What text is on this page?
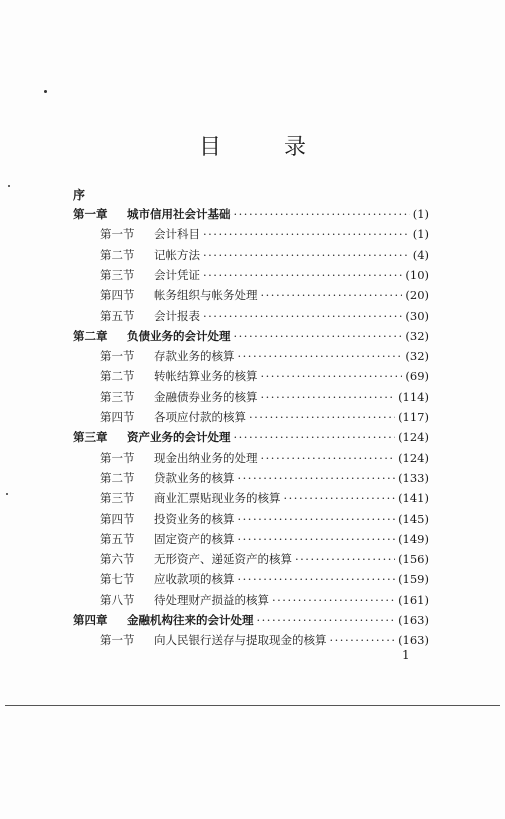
目 录
序
第一章	城市信用社会计基础 ·····	(1)
第一节	会计科目 ·····	(1)
第二节	记帐方法 ·····	(4)
第三节	会计凭证 ·····	(10)
第四节	帐务组织与帐务处理 ·····	(20)
第五节	会计报表 ·····	(30)
第二章	负债业务的会计处理 ·····	(32)
第一节	存款业务的核算 ·····	(32)
第二节	转帐结算业务的核算 ·····	(69)
第三节	金融债券业务的核算 ·····	(114)
第四节	各项应付款的核算 ·····	(117)
第三章	资产业务的会计处理 ·····	(124)
第一节	现金出纳业务的处理 ·····	(124)
第二节	贷款业务的核算 ·····	(133)
第三节	商业汇票贴现业务的核算 ·····	(141)
第四节	投资业务的核算 ·····	(145)
第五节	固定资产的核算 ·····	(149)
第六节	无形资产、递延资产的核算 ·····	(156)
第七节	应收款项的核算 ·····	(159)
第八节	待处理财产损益的核算 ·····	(161)
第四章	金融机构往来的会计处理 ·····	(163)
第一节	向人民银行送存与提取现金的核算 ·····	(163)
1
